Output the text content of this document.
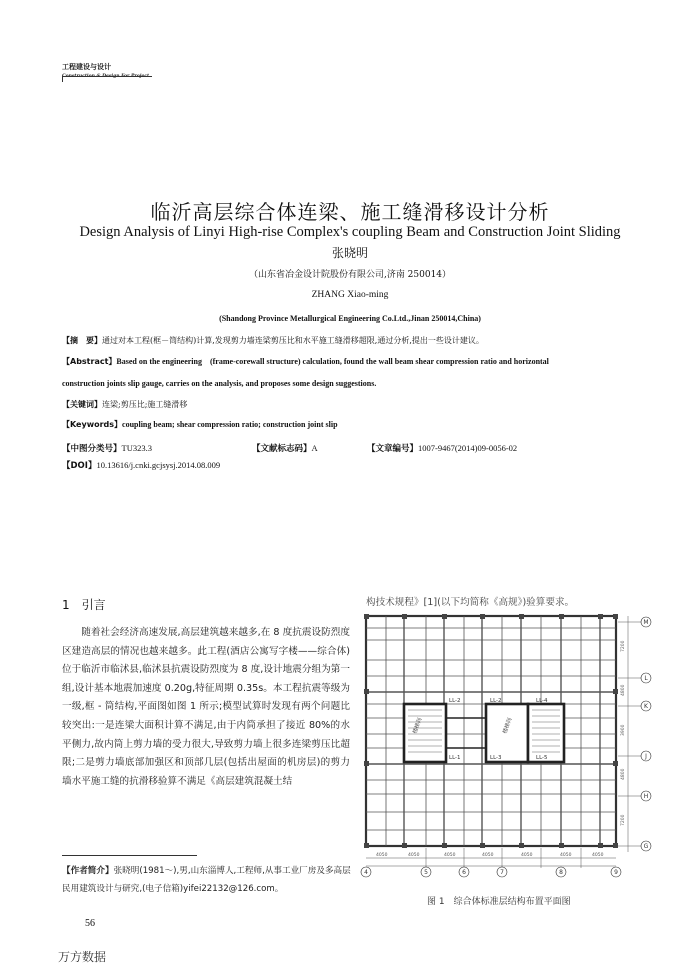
工程建设与设计
Construction & Design For Project
临沂高层综合体连梁、施工缝滑移设计分析
Design Analysis of Linyi High-rise Complex's coupling Beam and Construction Joint Sliding
张晓明
（山东省冶金设计院股份有限公司,济南 250014）
ZHANG Xiao-ming
(Shandong Province Metallurgical Engineering Co.Ltd.,Jinan 250014,China)
【摘　要】通过对本工程(框－筒结构)计算,发现剪力墙连梁剪压比和水平施工缝滑移超限,通过分析,提出一些设计建议。
【Abstract】Based on the engineering　(frame-corewall structure) calculation, found the wall beam shear compression ratio and horizontal
construction joints slip gauge, carries on the analysis, and proposes some design suggestions.
【关键词】连梁;剪压比;施工缝滑移
【Keywords】coupling beam; shear compression ratio; construction joint slip
【中图分类号】TU323.3	【文献标志码】A	【文章编号】1007-9467(2014)09-0056-02
【DOI】10.13616/j.cnki.gcjsysj.2014.08.009
1　引言

随着社会经济高速发展,高层建筑越来越多,在 8 度抗震设防烈度区建造高层的情况也越来越多。此工程(酒店公寓写字楼——综合体)位于临沂市临沭县,临沭县抗震设防烈度为 8 度,设计地震分组为第一组,设计基本地震加速度 0.20g,特征周期 0.35s。本工程抗震等级为一级,框 - 筒结构,平面图如图 1 所示;模型试算时发现有两个问题比较突出:一是连梁大面积计算不满足,由于内筒承担了接近 80%的水平侧力,故内筒上剪力墙的受力很大,导致剪力墙上很多连梁剪压比超限;二是剪力墙底部加强区和顶部几层(包括出屋面的机房层)的剪力墙水平施工缝的抗滑移验算不满足《高层建筑混凝土结

【作者简介】张晓明(1981～),男,山东淄博人,工程师,从事工业厂房及多高层民用建筑设计与研究,(电子信箱)yifei22132@126.com。
56
万方数据
构技术规程》[1](以下均简称《高规》)验算要求。
LL-2	LL-2	LL-4
LL-1	LL-3	LL-5
楼梯间	楼梯间
7200
4800
3900
4800
7200
4050	4050	4050	4050	4050	4050	4050
M
L
K
J
H
G
4	5	6	7	8	9
图 1　综合体标准层结构布置平面图
